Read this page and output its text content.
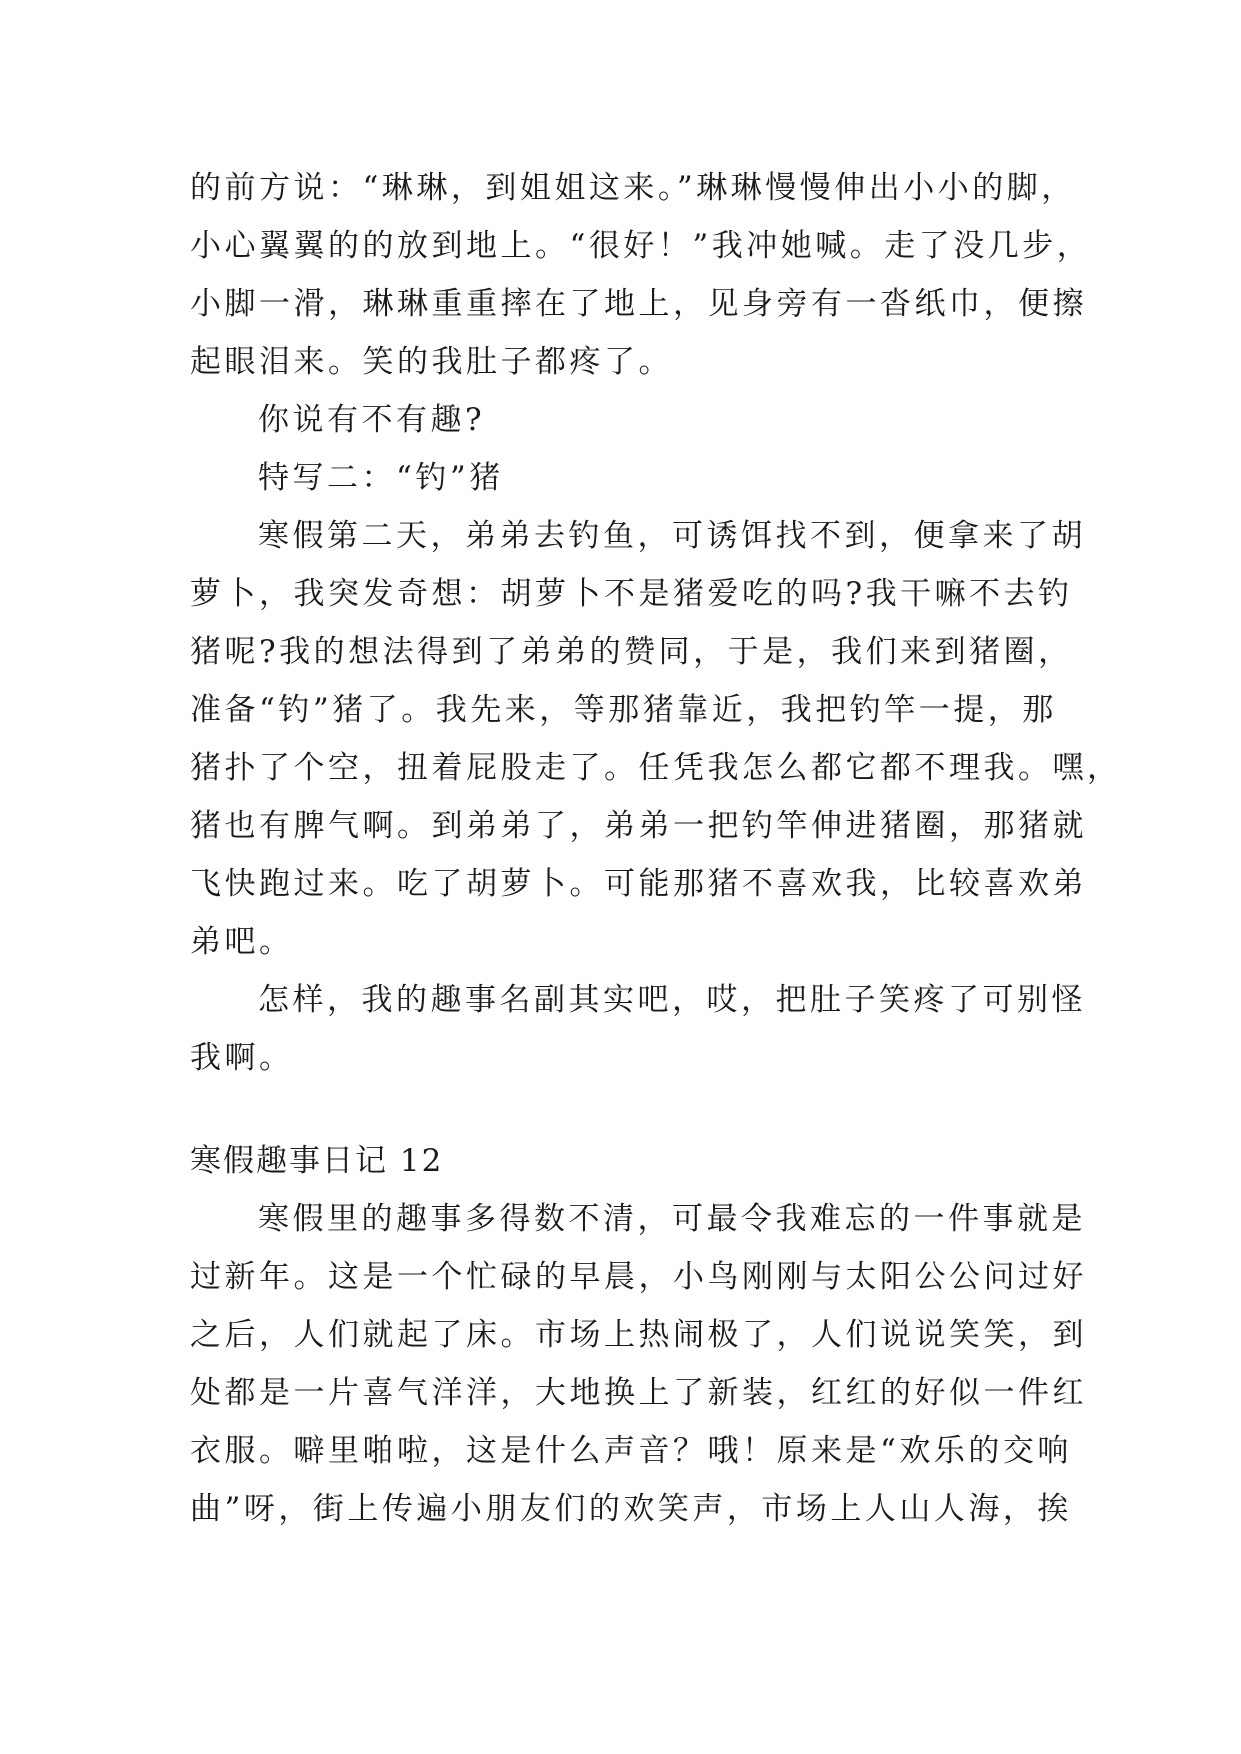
的前方说：“琳琳，到姐姐这来。”琳琳慢慢伸出小小的脚，
小心翼翼的的放到地上。“很好！”我冲她喊。走了没几步，
小脚一滑，琳琳重重摔在了地上，见身旁有一沓纸巾，便擦
起眼泪来。笑的我肚子都疼了。
你说有不有趣?
特写二：“钓”猪
寒假第二天，弟弟去钓鱼，可诱饵找不到，便拿来了胡
萝卜，我突发奇想：胡萝卜不是猪爱吃的吗?我干嘛不去钓
猪呢?我的想法得到了弟弟的赞同，于是，我们来到猪圈，
准备“钓”猪了。我先来，等那猪靠近，我把钓竿一提，那
猪扑了个空，扭着屁股走了。任凭我怎么都它都不理我。嘿，
猪也有脾气啊。到弟弟了，弟弟一把钓竿伸进猪圈，那猪就
飞快跑过来。吃了胡萝卜。可能那猪不喜欢我，比较喜欢弟
弟吧。
怎样，我的趣事名副其实吧，哎，把肚子笑疼了可别怪
我啊。
寒假趣事日记 12
寒假里的趣事多得数不清，可最令我难忘的一件事就是
过新年。这是一个忙碌的早晨，小鸟刚刚与太阳公公问过好
之后，人们就起了床。市场上热闹极了，人们说说笑笑，到
处都是一片喜气洋洋，大地换上了新装，红红的好似一件红
衣服。噼里啪啦，这是什么声音？哦！原来是“欢乐的交响
曲”呀，街上传遍小朋友们的欢笑声，市场上人山人海，挨
